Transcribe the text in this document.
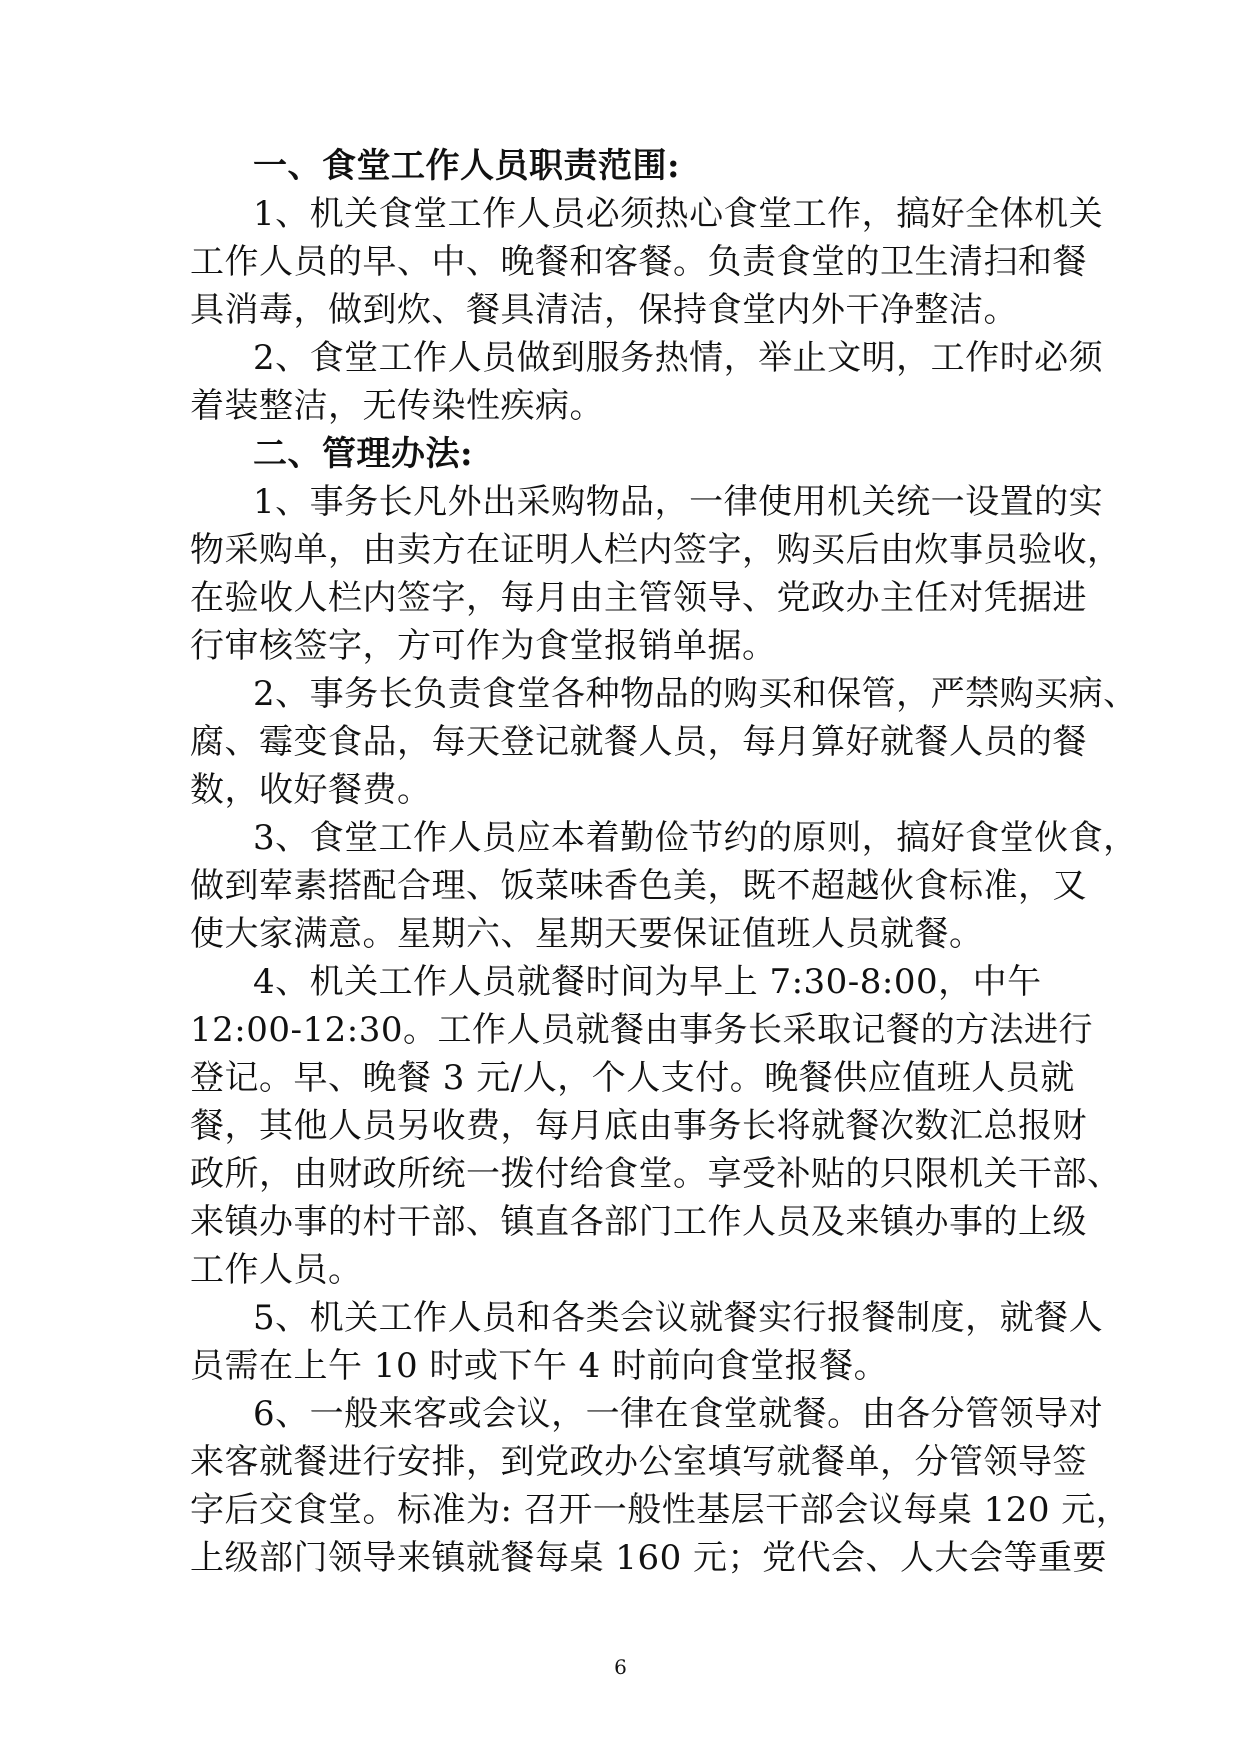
一、食堂工作人员职责范围:
1、机关食堂工作人员必须热心食堂工作，搞好全体机关
工作人员的早、中、晚餐和客餐。负责食堂的卫生清扫和餐
具消毒，做到炊、餐具清洁，保持食堂内外干净整洁。
2、食堂工作人员做到服务热情，举止文明，工作时必须
着装整洁，无传染性疾病。
二、管理办法:
1、事务长凡外出采购物品，一律使用机关统一设置的实
物采购单，由卖方在证明人栏内签字，购买后由炊事员验收，
在验收人栏内签字，每月由主管领导、党政办主任对凭据进
行审核签字，方可作为食堂报销单据。
2、事务长负责食堂各种物品的购买和保管，严禁购买病、
腐、霉变食品，每天登记就餐人员，每月算好就餐人员的餐
数，收好餐费。
3、食堂工作人员应本着勤俭节约的原则，搞好食堂伙食，
做到荤素搭配合理、饭菜味香色美，既不超越伙食标准，又
使大家满意。星期六、星期天要保证值班人员就餐。
4、机关工作人员就餐时间为早上 7:30-8:00，中午
12:00-12:30。工作人员就餐由事务长采取记餐的方法进行
登记。早、晚餐 3 元/人，个人支付。晚餐供应值班人员就
餐，其他人员另收费，每月底由事务长将就餐次数汇总报财
政所，由财政所统一拨付给食堂。享受补贴的只限机关干部、
来镇办事的村干部、镇直各部门工作人员及来镇办事的上级
工作人员。
5、机关工作人员和各类会议就餐实行报餐制度，就餐人
员需在上午 10 时或下午 4 时前向食堂报餐。
6、一般来客或会议，一律在食堂就餐。由各分管领导对
来客就餐进行安排，到党政办公室填写就餐单，分管领导签
字后交食堂。标准为: 召开一般性基层干部会议每桌 120 元，
上级部门领导来镇就餐每桌 160 元；党代会、人大会等重要
6
